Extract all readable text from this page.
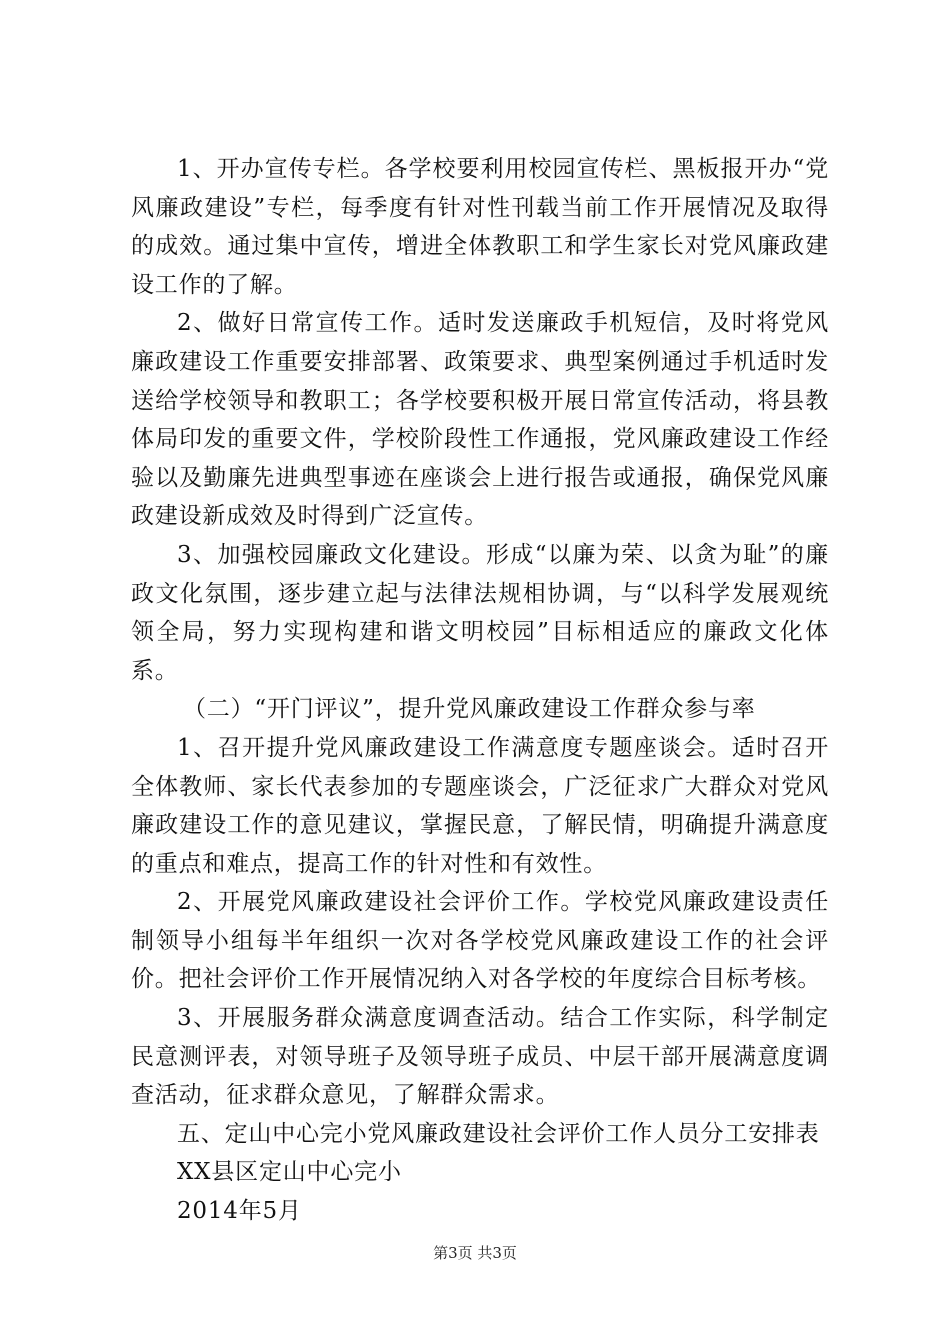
1、开办宣传专栏。各学校要利用校园宣传栏、黑板报开办“党风廉政建设”专栏，每季度有针对性刊载当前工作开展情况及取得的成效。通过集中宣传，增进全体教职工和学生家长对党风廉政建设工作的了解。

2、做好日常宣传工作。适时发送廉政手机短信，及时将党风廉政建设工作重要安排部署、政策要求、典型案例通过手机适时发送给学校领导和教职工；各学校要积极开展日常宣传活动，将县教体局印发的重要文件，学校阶段性工作通报，党风廉政建设工作经验以及勤廉先进典型事迹在座谈会上进行报告或通报，确保党风廉政建设新成效及时得到广泛宣传。

3、加强校园廉政文化建设。形成“以廉为荣、以贪为耻”的廉政文化氛围，逐步建立起与法律法规相协调，与“以科学发展观统领全局，努力实现构建和谐文明校园”目标相适应的廉政文化体系。

（二）“开门评议”，提升党风廉政建设工作群众参与率

1、召开提升党风廉政建设工作满意度专题座谈会。适时召开全体教师、家长代表参加的专题座谈会，广泛征求广大群众对党风廉政建设工作的意见建议，掌握民意，了解民情，明确提升满意度的重点和难点，提高工作的针对性和有效性。

2、开展党风廉政建设社会评价工作。学校党风廉政建设责任制领导小组每半年组织一次对各学校党风廉政建设工作的社会评价。把社会评价工作开展情况纳入对各学校的年度综合目标考核。

3、开展服务群众满意度调查活动。结合工作实际，科学制定民意测评表，对领导班子及领导班子成员、中层干部开展满意度调查活动，征求群众意见，了解群众需求。

五、定山中心完小党风廉政建设社会评价工作人员分工安排表

XX县区定山中心完小

2014年5月

第3页 共3页
